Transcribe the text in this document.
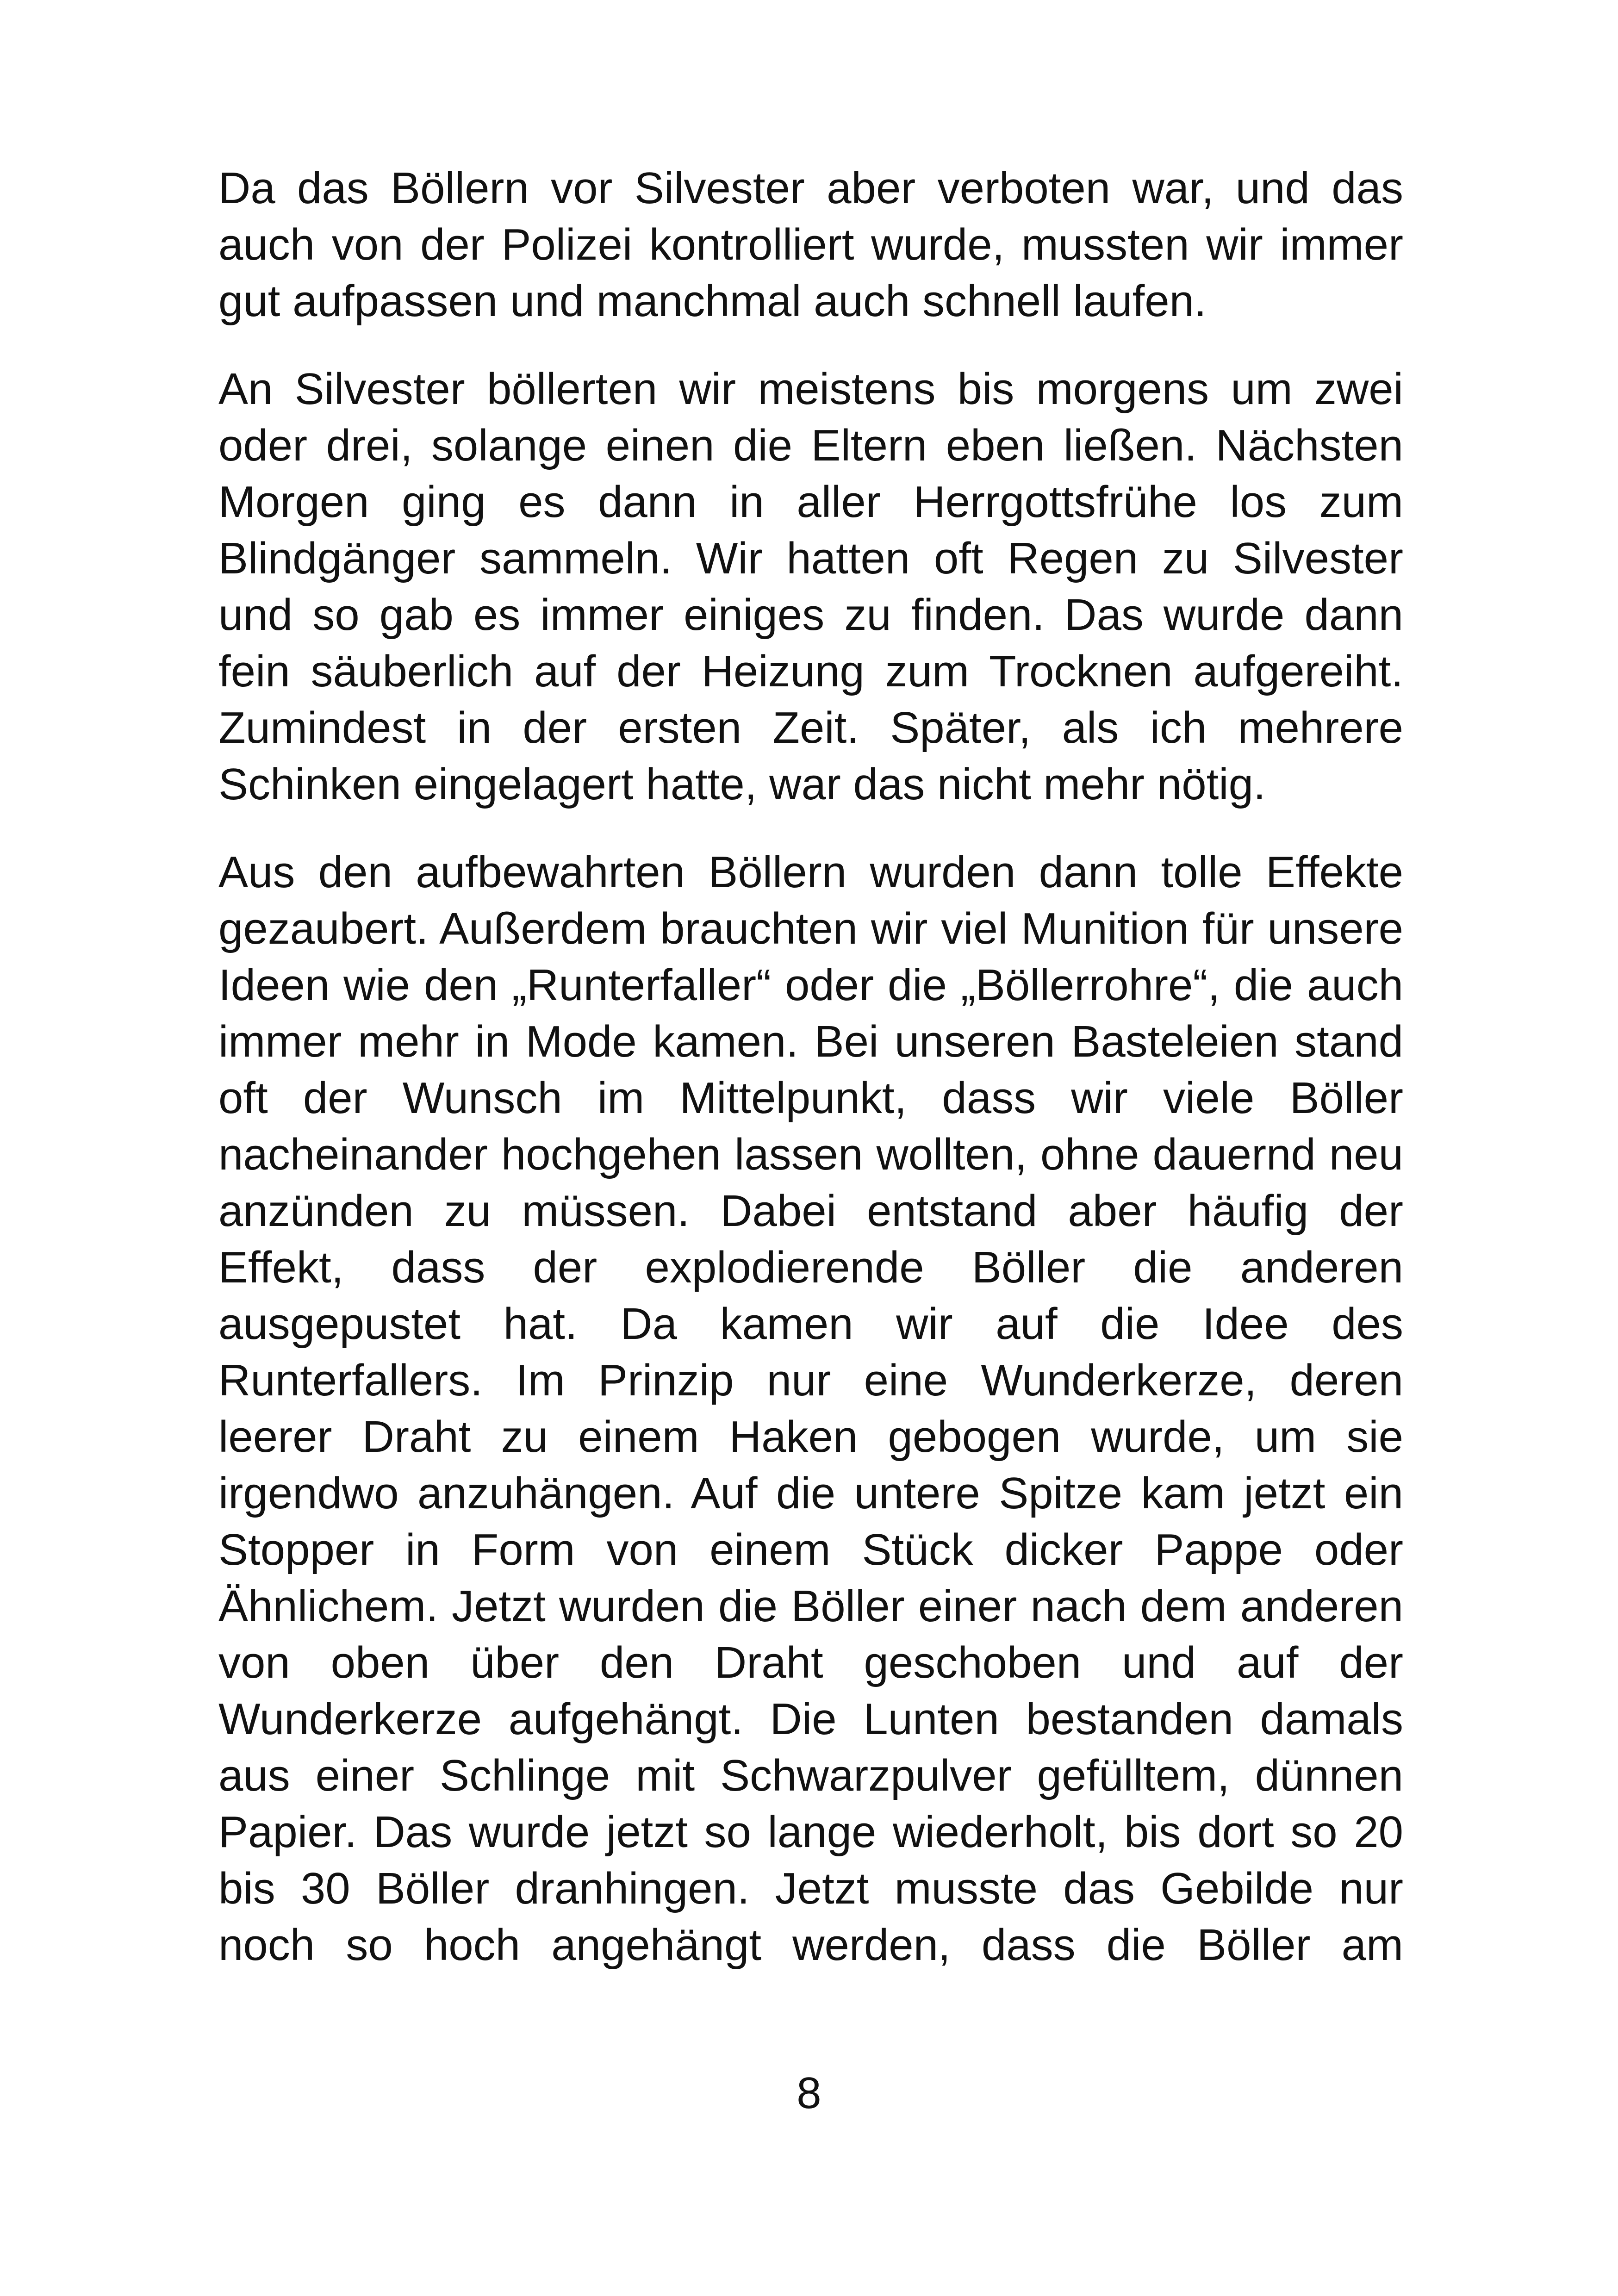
Da das Böllern vor Silvester aber verboten war, und das auch von der Polizei kontrolliert wurde, mussten wir immer gut aufpassen und manchmal auch schnell laufen.

An Silvester böllerten wir meistens bis morgens um zwei oder drei, solange einen die Eltern eben ließen. Nächsten Morgen ging es dann in aller Herrgottsfrühe los zum Blindgänger sammeln. Wir hatten oft Regen zu Silvester und so gab es immer einiges zu finden. Das wurde dann fein säuberlich auf der Heizung zum Trocknen aufgereiht. Zumindest in der ersten Zeit. Später, als ich mehrere Schinken eingelagert hatte, war das nicht mehr nötig.

Aus den aufbewahrten Böllern wurden dann tolle Effekte gezaubert. Außerdem brauchten wir viel Munition für unsere Ideen wie den „Runterfaller“ oder die „Böllerrohre“, die auch immer mehr in Mode kamen. Bei unseren Basteleien stand oft der Wunsch im Mittelpunkt, dass wir viele Böller nacheinander hochgehen lassen wollten, ohne dauernd neu anzünden zu müssen. Dabei entstand aber häufig der Effekt, dass der explodierende Böller die anderen ausgepustet hat. Da kamen wir auf die Idee des Runterfallers. Im Prinzip nur eine Wunderkerze, deren leerer Draht zu einem Haken gebogen wurde, um sie irgendwo anzuhängen. Auf die untere Spitze kam jetzt ein Stopper in Form von einem Stück dicker Pappe oder Ähnlichem. Jetzt wurden die Böller einer nach dem anderen von oben über den Draht geschoben und auf der Wunderkerze aufgehängt. Die Lunten bestanden damals aus einer Schlinge mit Schwarzpulver gefülltem, dünnen Papier. Das wurde jetzt so lange wiederholt, bis dort so 20 bis 30 Böller dranhingen. Jetzt musste das Gebilde nur noch so hoch angehängt werden, dass die Böller am

8
